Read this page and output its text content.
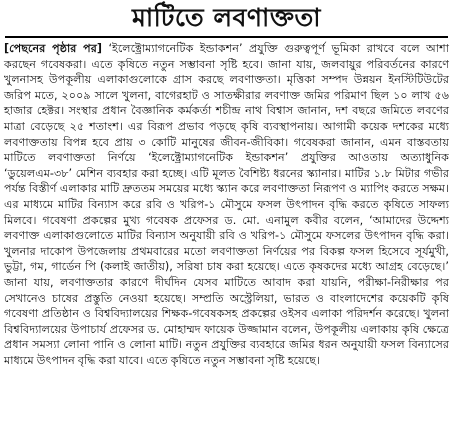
মাটিতে লবণাক্ততা

[পেছনের পৃষ্ঠার পর] ‘ইলেক্ট্রোম্যাগনেটিক ইন্ডাকশন’ প্রযুক্তি গুরুত্বপূর্ণ ভূমিকা রাখবে বলে আশা করছেন গবেষকরা। এতে কৃষিতে নতুন সম্ভাবনা সৃষ্টি হবে। জানা যায়, জলবায়ুর পরিবর্তনের কারণে খুলনাসহ উপকূলীয় এলাকাগুলোকে গ্রাস করছে লবণাক্ততা। মৃত্তিকা সম্পদ উন্নয়ন ইনস্টিটিউটের জরিপ মতে, ২০০৯ সালে খুলনা, বাগেরহাট ও সাতক্ষীরার লবণাক্ত জমির পরিমাণ ছিল ১০ লাখ ৫৬ হাজার হেক্টর। সংস্থার প্রধান বৈজ্ঞানিক কর্মকর্তা শচীন্দ্র নাথ বিশ্বাস জানান, দশ বছরে জমিতে লবণের মাত্রা বেড়েছে ২৫ শতাংশ। এর বিরূপ প্রভাব পড়ছে কৃষি ব্যবস্থাপনায়। আগামী কয়েক দশকের মধ্যে লবণাক্ততায় বিপন্ন হবে প্রায় ৩ কোটি মানুষের জীবন-জীবিকা। গবেষকরা জানান, এমন বাস্তবতায় মাটিতে লবণাক্ততা নির্ণয়ে ‘ইলেক্ট্রোম্যাগনেটিক ইন্ডাকশন’ প্রযুক্তির আওতায় অত্যাধুনিক ‘ডুয়েলএম-৩৮’ মেশিন ব্যবহার করা হচ্ছে। এটি মূলত বৈশিষ্ট্য ধরনের স্ক্যানার। মাটির ১.৮ মিটার গভীর পর্যন্ত বিস্তীর্ণ এলাকার মাটি দ্রুততম সময়ের মধ্যে স্ক্যান করে লবণাক্ততা নিরূপণ ও ম্যাপিং করতে সক্ষম। এর মাধ্যমে মাটির বিন্যাস করে রবি ও খরিপ-১ মৌসুমে ফসল উৎপাদন বৃদ্ধি করতে কৃষিতে সাফল্য মিলবে। গবেষণা প্রকল্পের মুখ্য গবেষক প্রফেসর ড. মো. এনামুল কবীর বলেন, ‘আমাদের উদ্দেশ্য লবণাক্ত এলাকাগুলোতে মাটির বিন্যাস অনুযায়ী রবি ও খরিপ-১ মৌসুমে ফসলের উৎপাদন বৃদ্ধি করা। খুলনার দাকোপ উপজেলায় প্রথমবারের মতো লবণাক্ততা নির্ণয়ের পর বিকল্প ফসল হিসেবে সূর্যমুখী, ভুট্টা, গম, গার্ডেন পি (কলাই জাতীয়), সরিষা চাষ করা হয়েছে। এতে কৃষকদের মধ্যে আগ্রহ বেড়েছে।’ জানা যায়, লবণাক্ততার কারণে দীর্ঘদিন যেসব মাটিতে আবাদ করা যায়নি, পরীক্ষা-নিরীক্ষার পর সেখানেও চাষের প্রস্তুতি নেওয়া হয়েছে। সম্প্রতি অস্ট্রেলিয়া, ভারত ও বাংলাদেশের কয়েকটি কৃষি গবেষণা প্রতিষ্ঠান ও বিশ্ববিদ্যালয়ের শিক্ষক-গবেষকসহ প্রকল্পের ওইসব এলাকা পরিদর্শন করেছে। খুলনা বিশ্ববিদ্যালয়ের উপাচার্য প্রফেসর ড. মোহাম্মদ ফায়েক উজ্জামান বলেন, উপকূলীয় এলাকায় কৃষি ক্ষেত্রে প্রধান সমস্যা লোনা পানি ও লোনা মাটি। নতুন প্রযুক্তির ব্যবহারে জমির ধরন অনুযায়ী ফসল বিন্যাসের মাধ্যমে উৎপাদন বৃদ্ধি করা যাবে। এতে কৃষিতে নতুন সম্ভাবনা সৃষ্টি হয়েছে।
